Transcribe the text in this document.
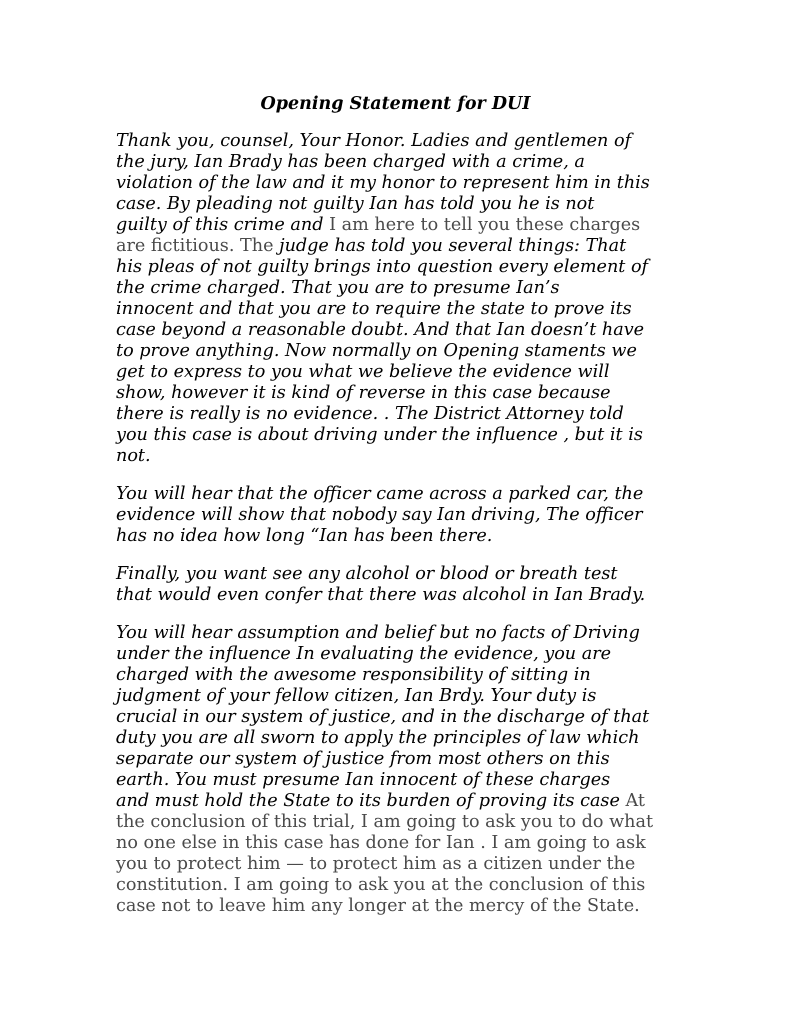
Opening Statement for DUI

Thank you, counsel, Your Honor. Ladies and gentlemen of
the jury, Ian Brady has been charged with a crime, a
violation of the law and it my honor to represent him in this
case. By pleading not guilty Ian has told you he is not
guilty of this crime and I am here to tell you these charges
are fictitious. The judge has told you several things: That
his pleas of not guilty brings into question every element of
the crime charged. That you are to presume Ian’s
innocent and that you are to require the state to prove its
case beyond a reasonable doubt. And that Ian doesn’t have
to prove anything. Now normally on Opening staments we
get to express to you what we believe the evidence will
show, however it is kind of reverse in this case because
there is really is no evidence. . The District Attorney told
you this case is about driving under the influence , but it is
not.

You will hear that the officer came across a parked car, the
evidence will show that nobody say Ian driving, The officer
has no idea how long “Ian has been there.

Finally, you want see any alcohol or blood or breath test
that would even confer that there was alcohol in Ian Brady.

You will hear assumption and belief but no facts of Driving
under the influence In evaluating the evidence, you are
charged with the awesome responsibility of sitting in
judgment of your fellow citizen, Ian Brdy. Your duty is
crucial in our system of justice, and in the discharge of that
duty you are all sworn to apply the principles of law which
separate our system of justice from most others on this
earth. You must presume Ian innocent of these charges
and must hold the State to its burden of proving its case At
the conclusion of this trial, I am going to ask you to do what
no one else in this case has done for Ian . I am going to ask
you to protect him — to protect him as a citizen under the
constitution. I am going to ask you at the conclusion of this
case not to leave him any longer at the mercy of the State.
